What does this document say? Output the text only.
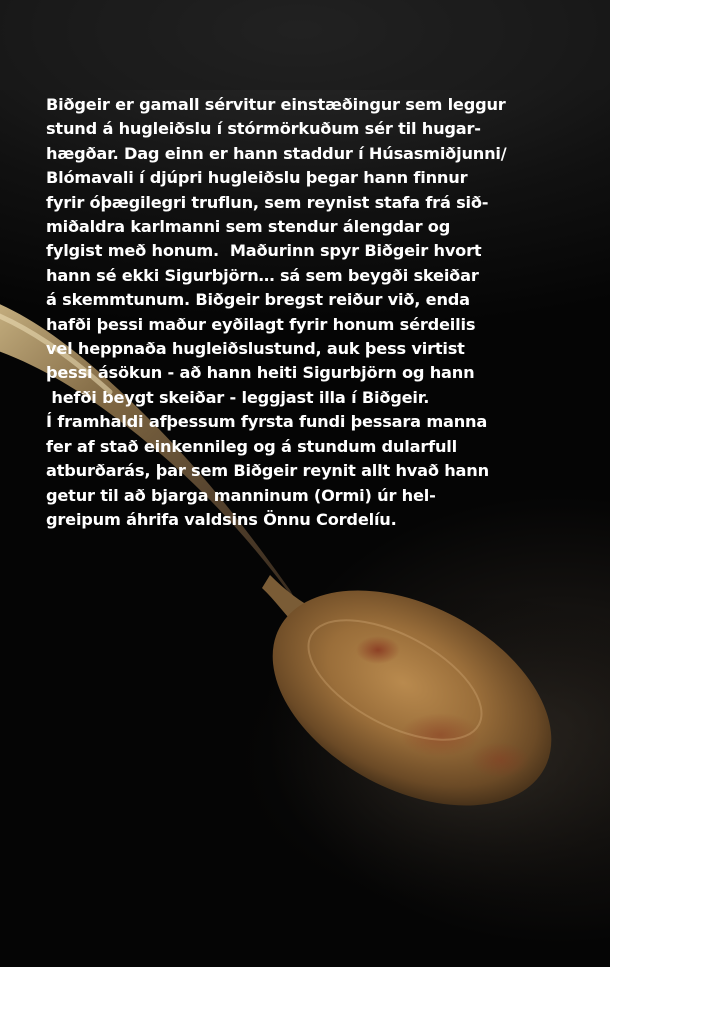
Biðgeir er gamall sérvitur einstæðingur sem leggur
stund á hugleiðslu í stórmörkuðum sér til hugar-
hægðar. Dag einn er hann staddur í Húsasmiðjunni/
Blómavali í djúpri hugleiðslu þegar hann finnur
fyrir óþægilegri truflun, sem reynist stafa frá sið-
miðaldra karlmanni sem stendur álengdar og
fylgist með honum.  Maðurinn spyr Biðgeir hvort
hann sé ekki Sigurbjörn… sá sem beygði skeiðar
á skemmtunum. Biðgeir bregst reiður við, enda
hafði þessi maður eyðilagt fyrir honum sérdeilis
vel heppnaða hugleiðslustund, auk þess virtist
þessi ásökun - að hann heiti Sigurbjörn og hann
hefði beygt skeiðar - leggjast illa í Biðgeir.
Í framhaldi afþessum fyrsta fundi þessara manna
fer af stað einkennileg og á stundum dularfull
atburðarás, þar sem Biðgeir reynit allt hvað hann
getur til að bjarga manninum (Ormi) úr hel-
greipum áhrifa valdsins Önnu Cordelíu.
